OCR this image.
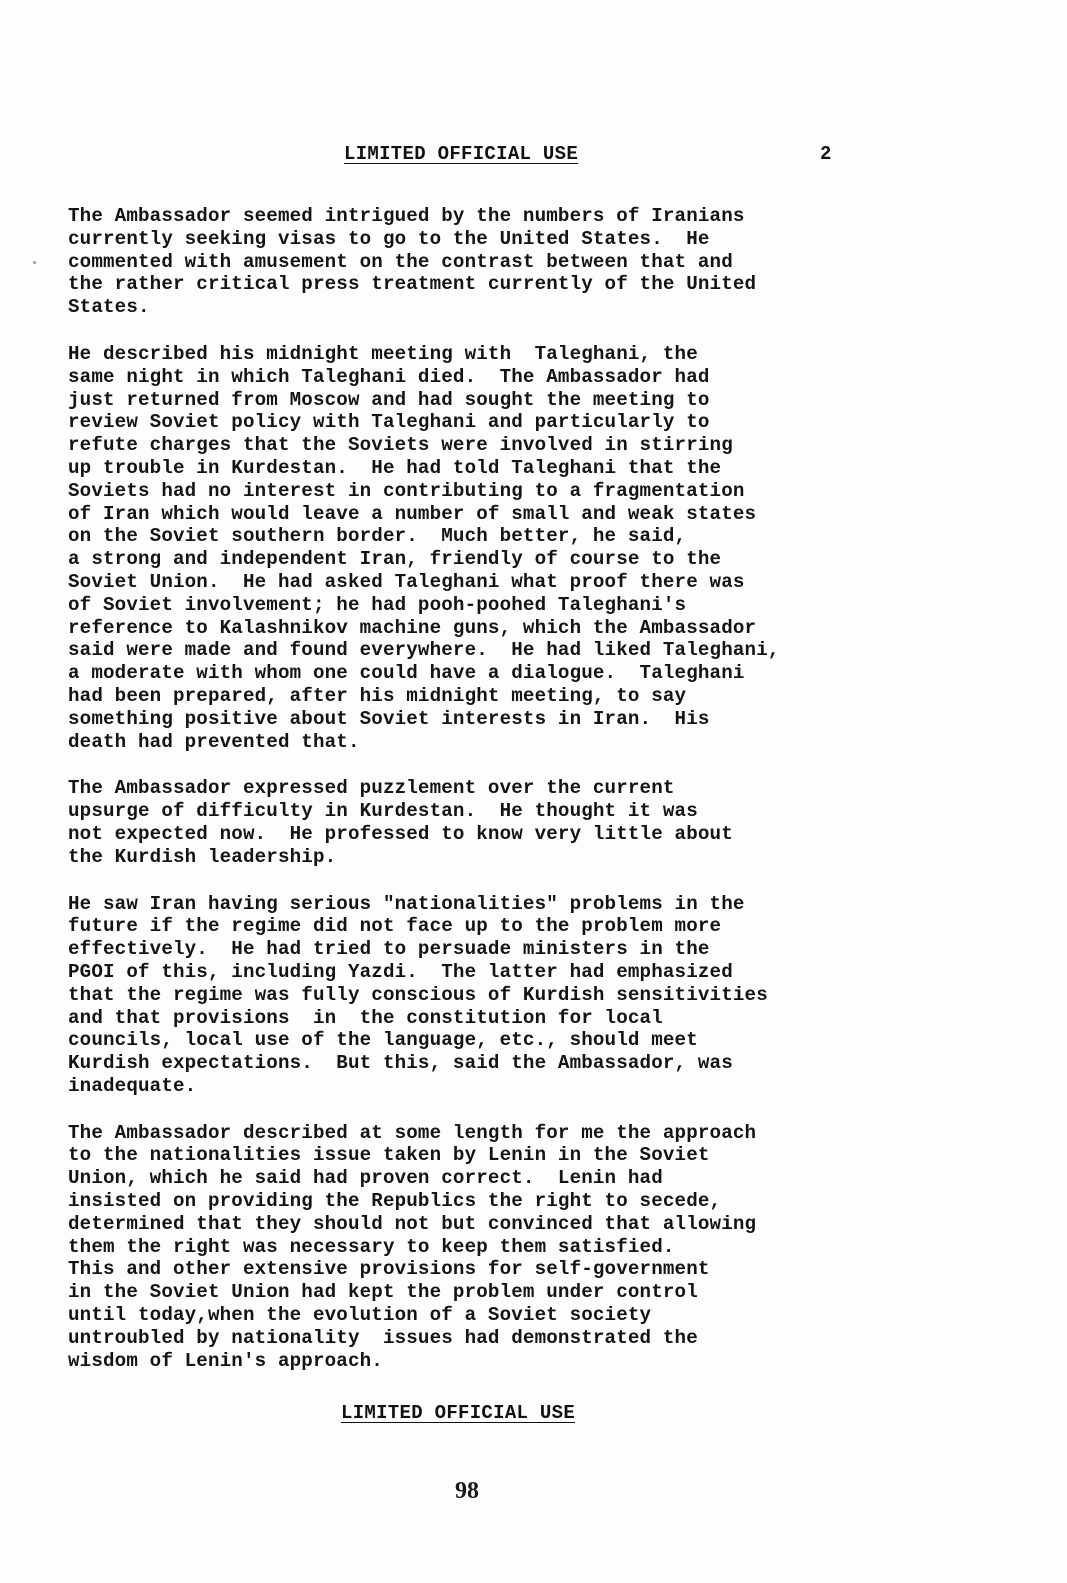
LIMITED OFFICIAL USE	2

The Ambassador seemed intrigued by the numbers of Iranians
currently seeking visas to go to the United States.  He
commented with amusement on the contrast between that and
the rather critical press treatment currently of the United
States.

He described his midnight meeting with  Taleghani, the
same night in which Taleghani died.  The Ambassador had
just returned from Moscow and had sought the meeting to
review Soviet policy with Taleghani and particularly to
refute charges that the Soviets were involved in stirring
up trouble in Kurdestan.  He had told Taleghani that the
Soviets had no interest in contributing to a fragmentation
of Iran which would leave a number of small and weak states
on the Soviet southern border.  Much better, he said,
a strong and independent Iran, friendly of course to the
Soviet Union.  He had asked Taleghani what proof there was
of Soviet involvement; he had pooh-poohed Taleghani's
reference to Kalashnikov machine guns, which the Ambassador
said were made and found everywhere.  He had liked Taleghani,
a moderate with whom one could have a dialogue.  Taleghani
had been prepared, after his midnight meeting, to say
something positive about Soviet interests in Iran.  His
death had prevented that.

The Ambassador expressed puzzlement over the current
upsurge of difficulty in Kurdestan.  He thought it was
not expected now.  He professed to know very little about
the Kurdish leadership.

He saw Iran having serious "nationalities" problems in the
future if the regime did not face up to the problem more
effectively.  He had tried to persuade ministers in the
PGOI of this, including Yazdi.  The latter had emphasized
that the regime was fully conscious of Kurdish sensitivities
and that provisions  in  the constitution for local
councils, local use of the language, etc., should meet
Kurdish expectations.  But this, said the Ambassador, was
inadequate.

The Ambassador described at some length for me the approach
to the nationalities issue taken by Lenin in the Soviet
Union, which he said had proven correct.  Lenin had
insisted on providing the Republics the right to secede,
determined that they should not but convinced that allowing
them the right was necessary to keep them satisfied.
This and other extensive provisions for self-government
in the Soviet Union had kept the problem under control
until today,when the evolution of a Soviet society
untroubled by nationality  issues had demonstrated the
wisdom of Lenin's approach.

LIMITED OFFICIAL USE
98
